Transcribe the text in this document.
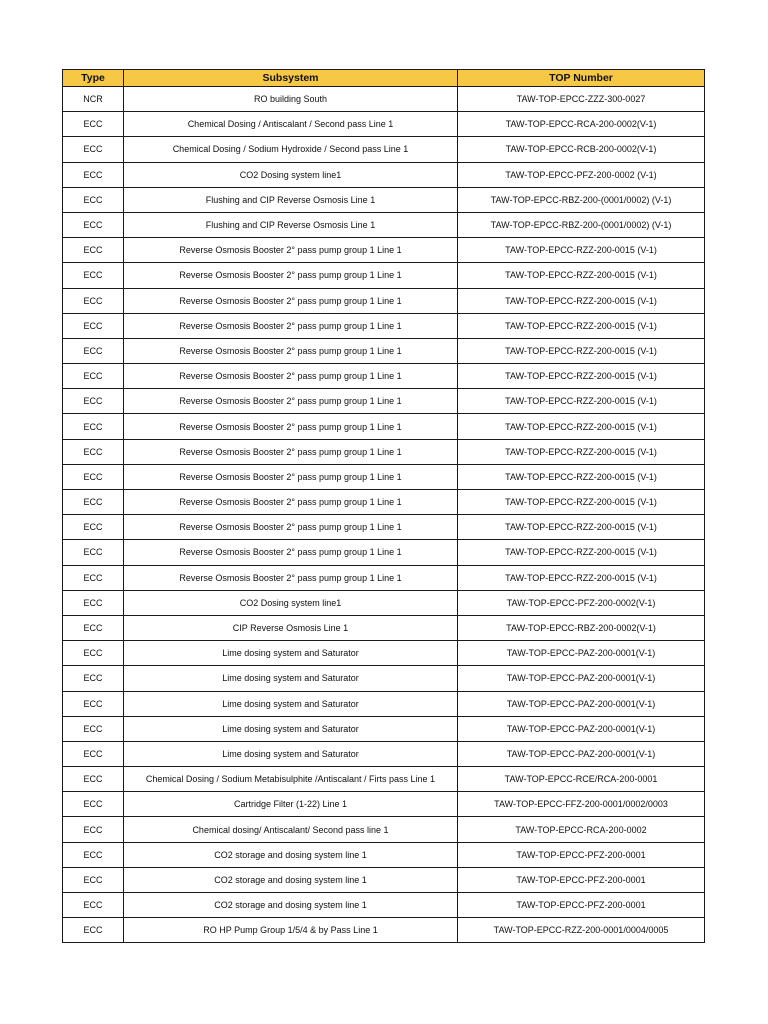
Type	Subsystem	TOP Number
NCR	RO building South	TAW-TOP-EPCC-ZZZ-300-0027
ECC	Chemical Dosing / Antiscalant / Second pass Line 1	TAW-TOP-EPCC-RCA-200-0002(V-1)
ECC	Chemical Dosing / Sodium Hydroxide / Second pass Line 1	TAW-TOP-EPCC-RCB-200-0002(V-1)
ECC	CO2 Dosing system line1	TAW-TOP-EPCC-PFZ-200-0002 (V-1)
ECC	Flushing and CIP Reverse Osmosis Line 1	TAW-TOP-EPCC-RBZ-200-(0001/0002) (V-1)
ECC	Flushing and CIP Reverse Osmosis Line 1	TAW-TOP-EPCC-RBZ-200-(0001/0002) (V-1)
ECC	Reverse Osmosis Booster 2° pass pump group 1 Line 1	TAW-TOP-EPCC-RZZ-200-0015 (V-1)
ECC	Reverse Osmosis Booster 2° pass pump group 1 Line 1	TAW-TOP-EPCC-RZZ-200-0015 (V-1)
ECC	Reverse Osmosis Booster 2° pass pump group 1 Line 1	TAW-TOP-EPCC-RZZ-200-0015 (V-1)
ECC	Reverse Osmosis Booster 2° pass pump group 1 Line 1	TAW-TOP-EPCC-RZZ-200-0015 (V-1)
ECC	Reverse Osmosis Booster 2° pass pump group 1 Line 1	TAW-TOP-EPCC-RZZ-200-0015 (V-1)
ECC	Reverse Osmosis Booster 2° pass pump group 1 Line 1	TAW-TOP-EPCC-RZZ-200-0015 (V-1)
ECC	Reverse Osmosis Booster 2° pass pump group 1 Line 1	TAW-TOP-EPCC-RZZ-200-0015 (V-1)
ECC	Reverse Osmosis Booster 2° pass pump group 1 Line 1	TAW-TOP-EPCC-RZZ-200-0015 (V-1)
ECC	Reverse Osmosis Booster 2° pass pump group 1 Line 1	TAW-TOP-EPCC-RZZ-200-0015 (V-1)
ECC	Reverse Osmosis Booster 2° pass pump group 1 Line 1	TAW-TOP-EPCC-RZZ-200-0015 (V-1)
ECC	Reverse Osmosis Booster 2° pass pump group 1 Line 1	TAW-TOP-EPCC-RZZ-200-0015 (V-1)
ECC	Reverse Osmosis Booster 2° pass pump group 1 Line 1	TAW-TOP-EPCC-RZZ-200-0015 (V-1)
ECC	Reverse Osmosis Booster 2° pass pump group 1 Line 1	TAW-TOP-EPCC-RZZ-200-0015 (V-1)
ECC	Reverse Osmosis Booster 2° pass pump group 1 Line 1	TAW-TOP-EPCC-RZZ-200-0015 (V-1)
ECC	CO2 Dosing system line1	TAW-TOP-EPCC-PFZ-200-0002(V-1)
ECC	CIP Reverse Osmosis Line 1	TAW-TOP-EPCC-RBZ-200-0002(V-1)
ECC	Lime dosing system and Saturator	TAW-TOP-EPCC-PAZ-200-0001(V-1)
ECC	Lime dosing system and Saturator	TAW-TOP-EPCC-PAZ-200-0001(V-1)
ECC	Lime dosing system and Saturator	TAW-TOP-EPCC-PAZ-200-0001(V-1)
ECC	Lime dosing system and Saturator	TAW-TOP-EPCC-PAZ-200-0001(V-1)
ECC	Lime dosing system and Saturator	TAW-TOP-EPCC-PAZ-200-0001(V-1)
ECC	Chemical Dosing / Sodium Metabisulphite /Antiscalant / Firts pass Line 1	TAW-TOP-EPCC-RCE/RCA-200-0001
ECC	Cartridge Filter (1-22) Line 1	TAW-TOP-EPCC-FFZ-200-0001/0002/0003
ECC	Chemical dosing/ Antiscalant/ Second pass line 1	TAW-TOP-EPCC-RCA-200-0002
ECC	CO2 storage and dosing system line 1	TAW-TOP-EPCC-PFZ-200-0001
ECC	CO2 storage and dosing system line 1	TAW-TOP-EPCC-PFZ-200-0001
ECC	CO2 storage and dosing system line 1	TAW-TOP-EPCC-PFZ-200-0001
ECC	RO HP Pump Group 1/5/4 & by Pass Line 1	TAW-TOP-EPCC-RZZ-200-0001/0004/0005
